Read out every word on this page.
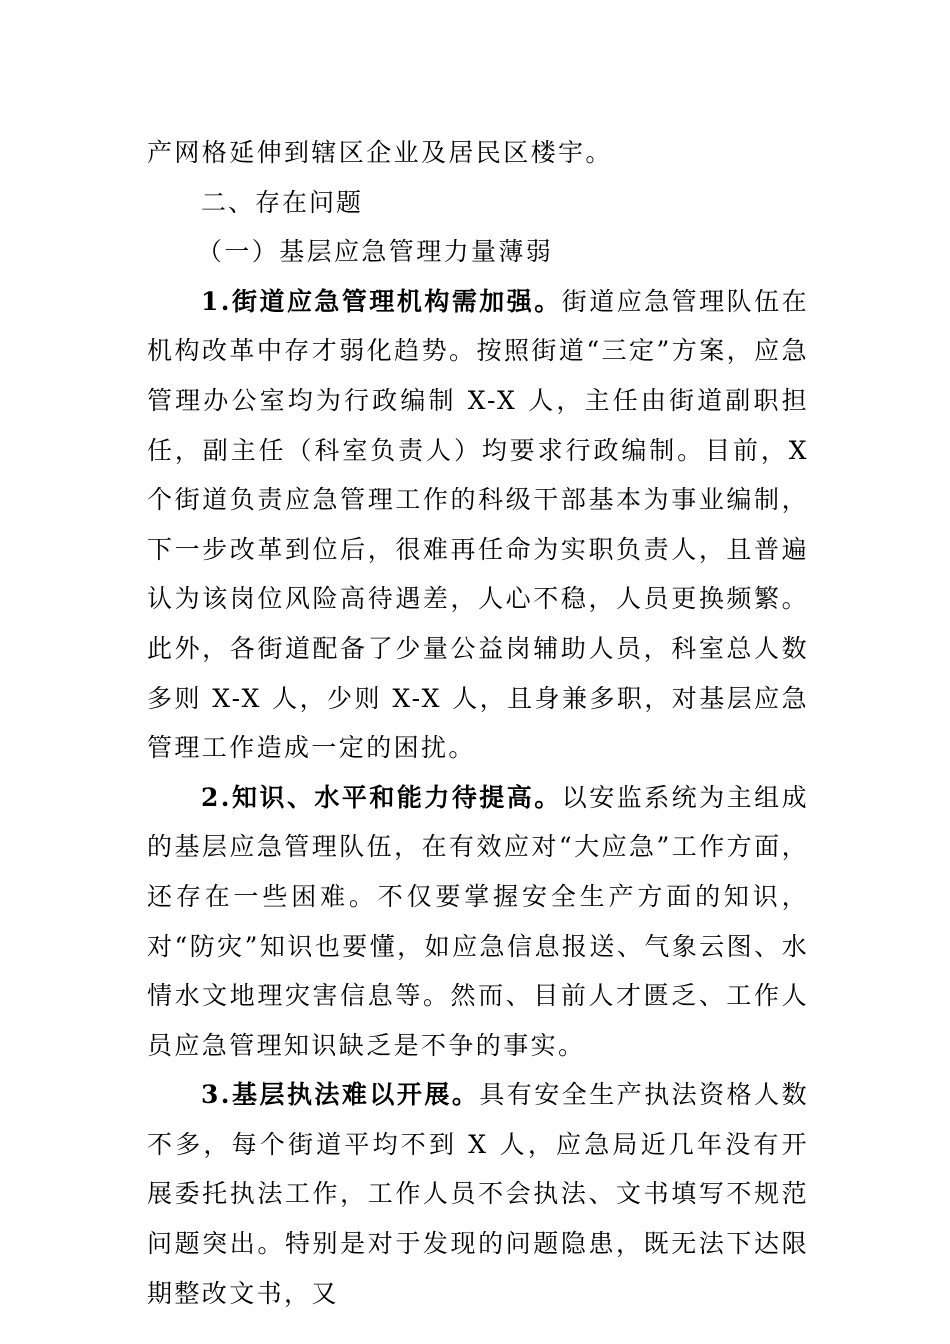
产网格延伸到辖区企业及居民区楼宇。

二、存在问题

（一）基层应急管理力量薄弱

1.街道应急管理机构需加强。街道应急管理队伍在机构改革中存才弱化趋势。按照街道“三定”方案，应急管理办公室均为行政编制 X-X 人，主任由街道副职担任，副主任（科室负责人）均要求行政编制。目前，X 个街道负责应急管理工作的科级干部基本为事业编制，下一步改革到位后，很难再任命为实职负责人，且普遍认为该岗位风险高待遇差，人心不稳，人员更换频繁。此外，各街道配备了少量公益岗辅助人员，科室总人数多则 X-X 人，少则 X-X 人，且身兼多职，对基层应急管理工作造成一定的困扰。

2.知识、水平和能力待提高。以安监系统为主组成的基层应急管理队伍，在有效应对“大应急”工作方面，还存在一些困难。不仅要掌握安全生产方面的知识，对“防灾”知识也要懂，如应急信息报送、气象云图、水情水文地理灾害信息等。然而、目前人才匮乏、工作人员应急管理知识缺乏是不争的事实。

3.基层执法难以开展。具有安全生产执法资格人数不多，每个街道平均不到 X 人，应急局近几年没有开展委托执法工作，工作人员不会执法、文书填写不规范问题突出。特别是对于发现的问题隐患，既无法下达限期整改文书，又
